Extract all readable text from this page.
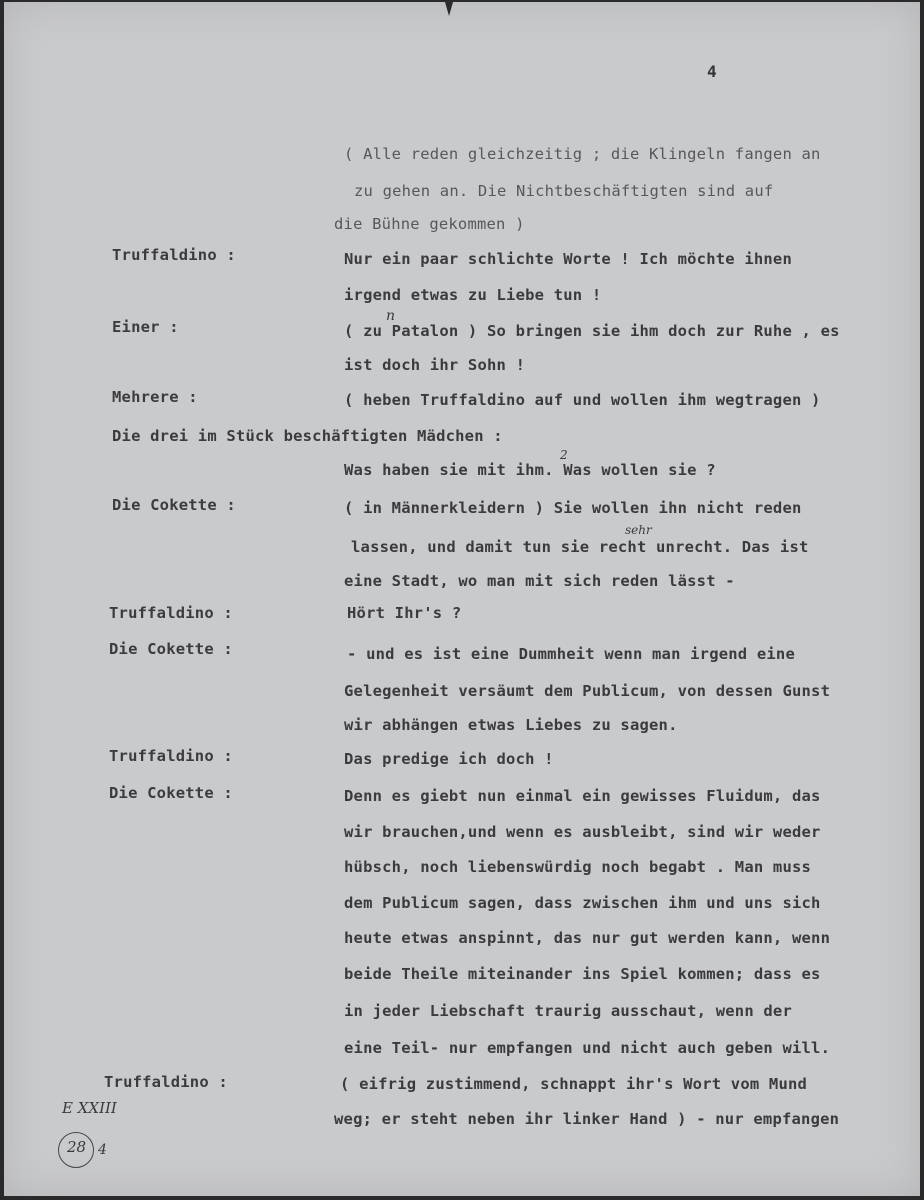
4

Truffaldino :

Einer :

Mehrere :

Die Cokette :

Truffaldino :

Die Cokette :

Truffaldino :

Die Cokette :

Truffaldino :

( Alle reden gleichzeitig ; die Klingeln fangen an

zu gehen an. Die Nichtbeschäftigten sind auf

die Bühne gekommen )

Nur ein paar schlichte Worte ! Ich möchte ihnen

irgend etwas zu Liebe tun !

( zu Patalon ) So bringen sie ihm doch zur Ruhe , es

ist doch ihr Sohn !

( heben Truffaldino auf und wollen ihm wegtragen )

Die drei im Stück beschäftigten Mädchen :

Was haben sie mit ihm. Was wollen sie ?

( in Männerkleidern ) Sie wollen ihn nicht reden

lassen, und damit tun sie recht unrecht. Das ist

eine Stadt, wo man mit sich reden lässt -

Hört Ihr's ?

- und es ist eine Dummheit wenn man irgend eine

Gelegenheit versäumt dem Publicum, von dessen Gunst

wir abhängen etwas Liebes zu sagen.

Das predige ich doch !

Denn es giebt nun einmal ein gewisses Fluidum, das

wir brauchen,und wenn es ausbleibt, sind wir weder

hübsch, noch liebenswürdig noch begabt . Man muss

dem Publicum sagen, dass zwischen ihm und uns sich

heute etwas anspinnt, das nur gut werden kann, wenn

beide Theile miteinander ins Spiel kommen; dass es

in jeder Liebschaft traurig ausschaut, wenn der

eine Teil- nur empfangen und nicht auch geben will.

( eifrig zustimmend, schnappt ihr's Wort vom Mund

weg; er steht neben ihr linker Hand ) - nur empfangen

n
2
sehr
E XXIII
28 4
